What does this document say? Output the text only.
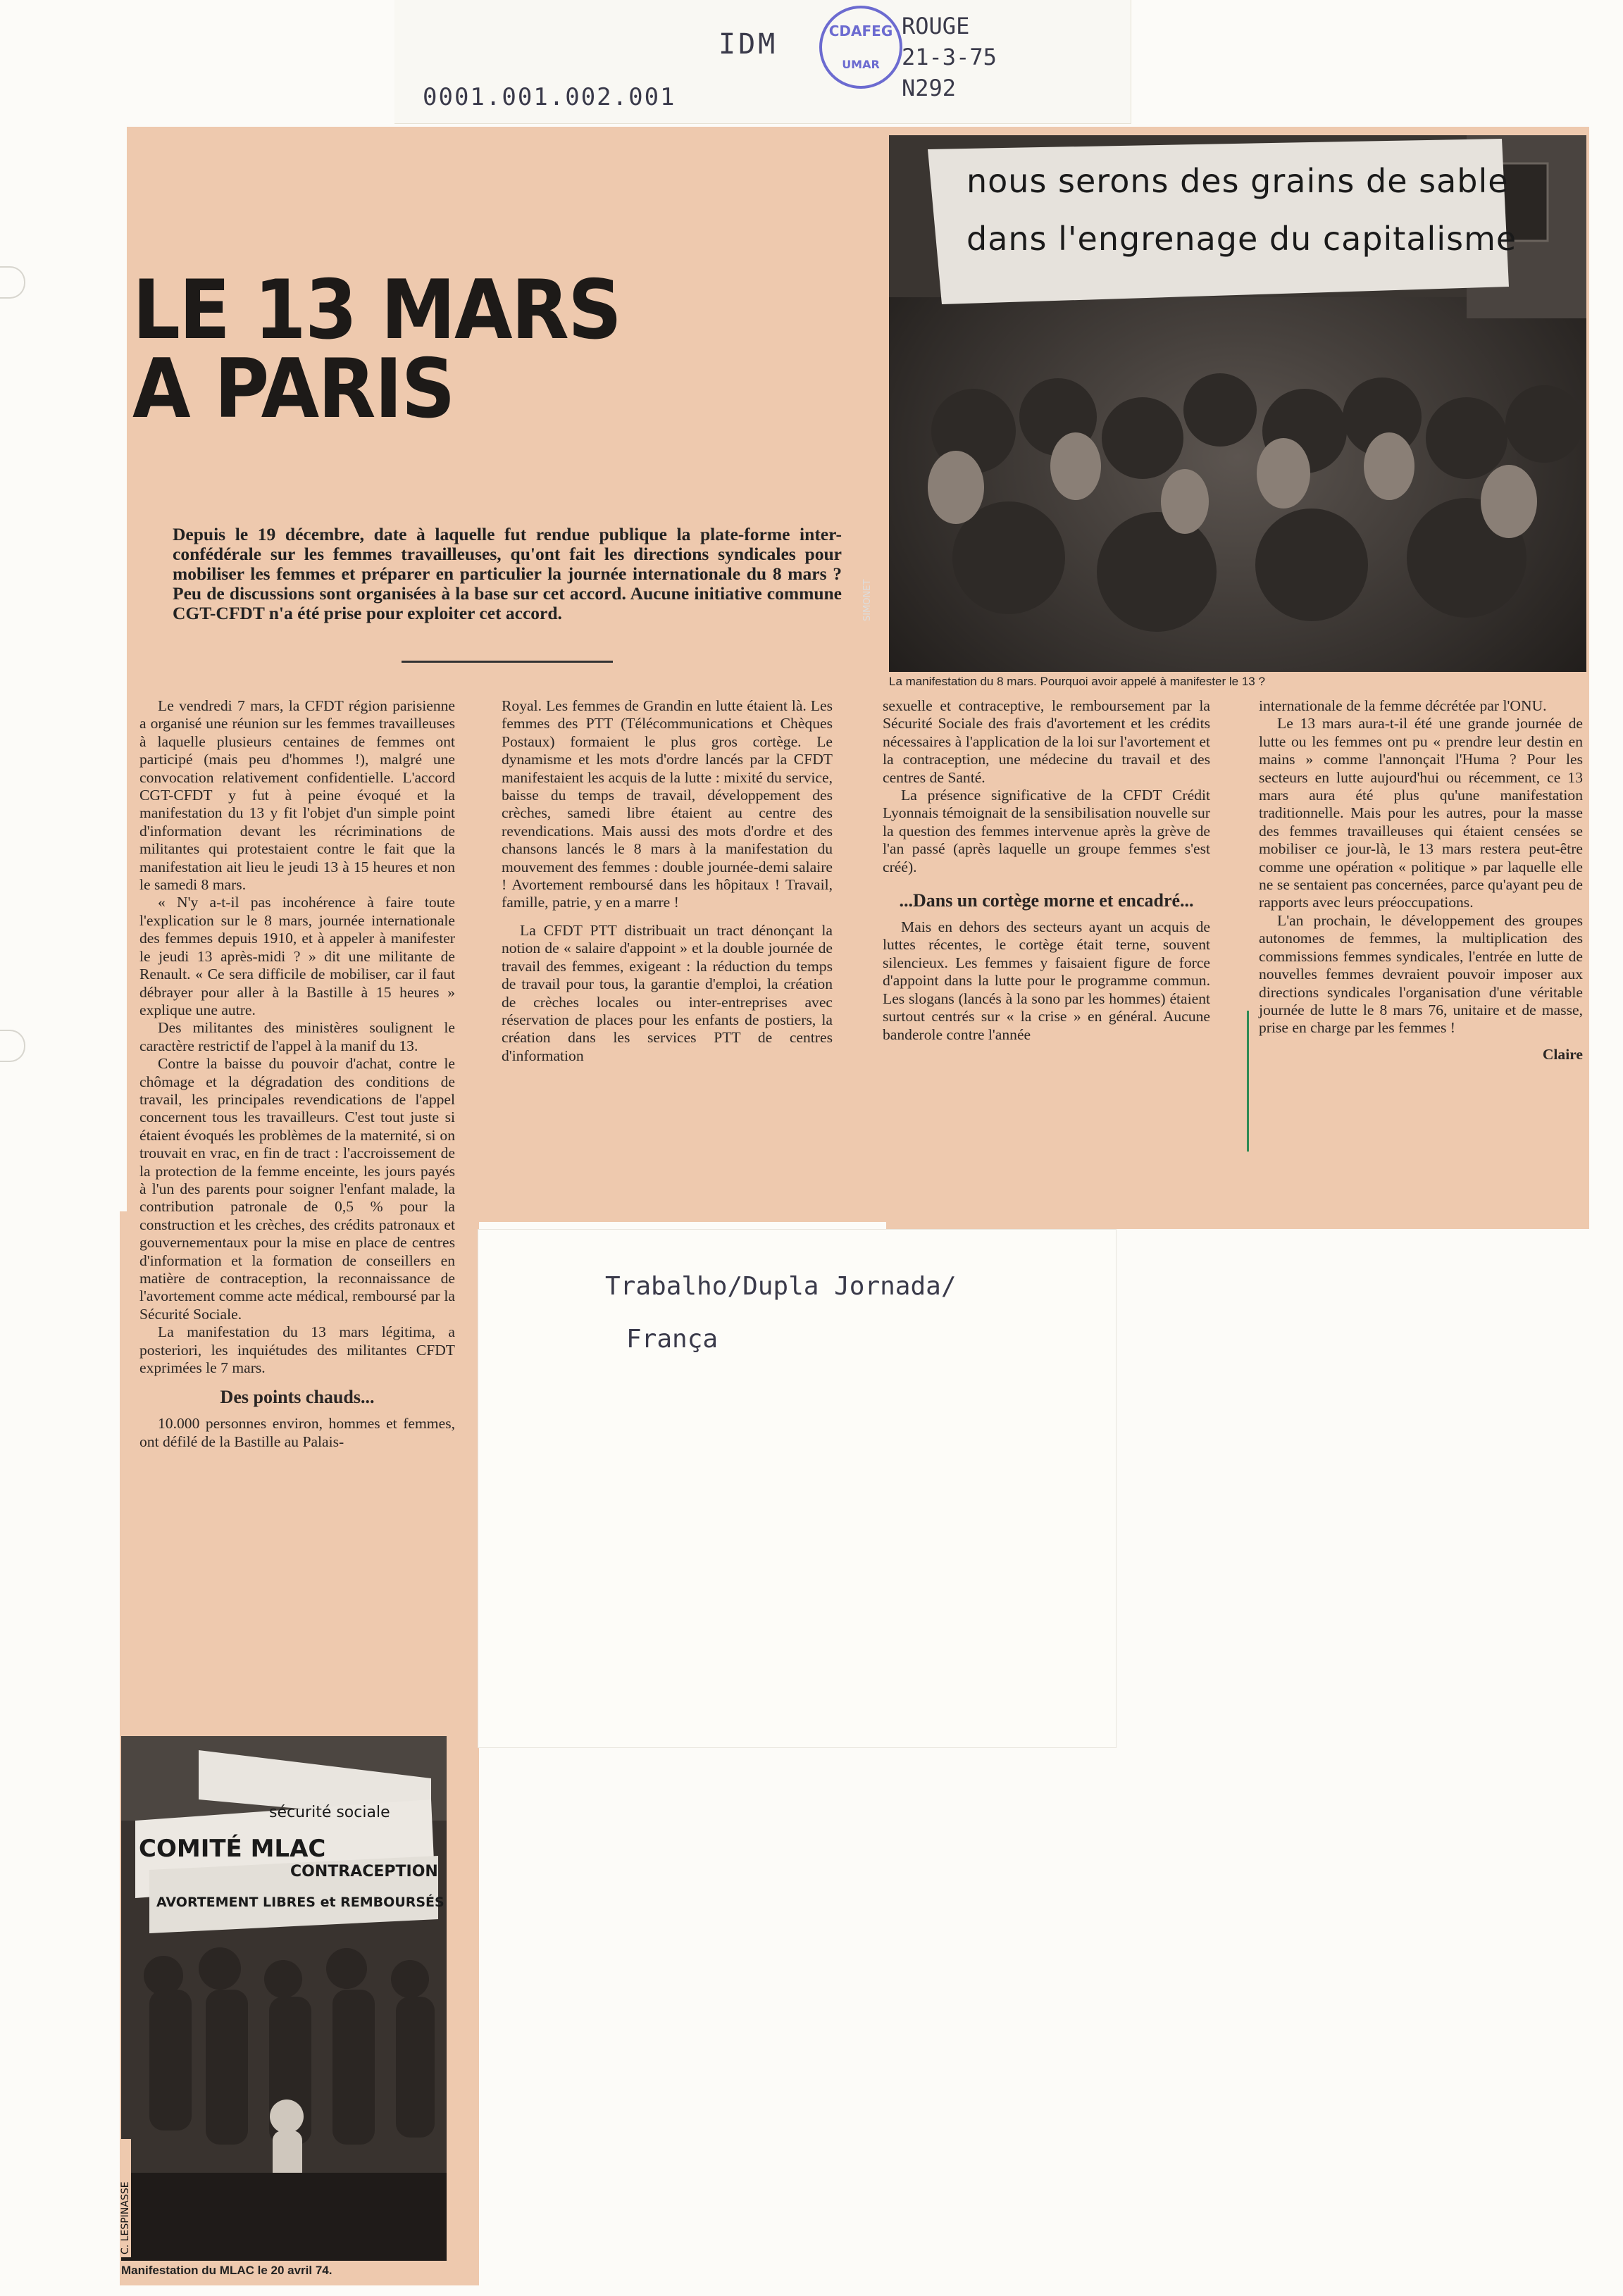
IDM	CDAFEG
UMAR
ROUGE
21-3-75
N292
0001.001.002.001
LE 13 MARS
A PARIS
nous serons des grains de sable
dans l'engrenage du capitalisme
SIMONET
La manifestation du 8 mars. Pourquoi avoir appelé à manifester le 13 ?
Depuis le 19 décembre, date à laquelle fut rendue publique la plate-forme inter-confédérale sur les femmes travailleuses, qu'ont fait les directions syndicales pour mobiliser les femmes et préparer en particulier la journée internationale du 8 mars ? Peu de discussions sont organisées à la base sur cet accord. Aucune initiative commune CGT-CFDT n'a été prise pour exploiter cet accord.

Le vendredi 7 mars, la CFDT région parisienne a organisé une réunion sur les femmes travailleuses à laquelle plusieurs centaines de femmes ont participé (mais peu d'hommes !), malgré une convocation relativement confidentielle. L'accord CGT-CFDT y fut à peine évoqué et la manifestation du 13 y fit l'objet d'un simple point d'information devant les récriminations de militantes qui protestaient contre le fait que la manifestation ait lieu le jeudi 13 à 15 heures et non le samedi 8 mars.

« N'y a-t-il pas incohérence à faire toute l'explication sur le 8 mars, journée internationale des femmes depuis 1910, et à appeler à manifester le jeudi 13 après-midi ? » dit une militante de Renault. « Ce sera difficile de mobiliser, car il faut débrayer pour aller à la Bastille à 15 heures » explique une autre.

Des militantes des ministères soulignent le caractère restrictif de l'appel à la manif du 13.

Contre la baisse du pouvoir d'achat, contre le chômage et la dégradation des conditions de travail, les principales revendications de l'appel concernent tous les travailleurs. C'est tout juste si étaient évoqués les problèmes de la maternité, si on trouvait en vrac, en fin de tract : l'accroissement de la protection de la femme enceinte, les jours payés à l'un des parents pour soigner l'enfant malade, la contribution patronale de 0,5 % pour la construction et les crèches, des crédits patronaux et gouvernementaux pour la mise en place de centres d'information et la formation de conseillers en matière de contraception, la reconnaissance de l'avortement comme acte médical, remboursé par la Sécurité Sociale.

La manifestation du 13 mars légitima, a posteriori, les inquiétudes des militantes CFDT exprimées le 7 mars.

Des points chauds...

10.000 personnes environ, hommes et femmes, ont défilé de la Bastille au Palais-

Royal. Les femmes de Grandin en lutte étaient là. Les femmes des PTT (Télécommunications et Chèques Postaux) formaient le plus gros cortège. Le dynamisme et les mots d'ordre lancés par la CFDT manifestaient les acquis de la lutte : mixité du service, baisse du temps de travail, développement des crèches, samedi libre étaient au centre des revendications. Mais aussi des mots d'ordre et des chansons lancés le 8 mars à la manifestation du mouvement des femmes : double journée-demi salaire ! Avortement remboursé dans les hôpitaux ! Travail, famille, patrie, y en a marre !

La CFDT PTT distribuait un tract dénonçant la notion de « salaire d'appoint » et la double journée de travail des femmes, exigeant : la réduction du temps de travail pour tous, la garantie d'emploi, la création de crèches locales ou inter-entreprises avec réservation de places pour les enfants de postiers, la création dans les services PTT de centres d'information

sexuelle et contraceptive, le remboursement par la Sécurité Sociale des frais d'avortement et les crédits nécessaires à l'application de la loi sur l'avortement et la contraception, une médecine du travail et des centres de Santé.

La présence significative de la CFDT Crédit Lyonnais témoignait de la sensibilisation nouvelle sur la question des femmes intervenue après la grève de l'an passé (après laquelle un groupe femmes s'est créé).

...Dans un cortège morne et encadré...

Mais en dehors des secteurs ayant un acquis de luttes récentes, le cortège était terne, souvent silencieux. Les femmes y faisaient figure de force d'appoint dans la lutte pour le programme commun. Les slogans (lancés à la sono par les hommes) étaient surtout centrés sur « la crise » en général. Aucune banderole contre l'année

internationale de la femme décrétée par l'ONU.

Le 13 mars aura-t-il été une grande journée de lutte ou les femmes ont pu « prendre leur destin en mains » comme l'annonçait l'Huma ? Pour les secteurs en lutte aujourd'hui ou récemment, ce 13 mars aura été plus qu'une manifestation traditionnelle. Mais pour les autres, pour la masse des femmes travailleuses qui étaient censées se mobiliser ce jour-là, le 13 mars restera peut-être comme une opération « politique » par laquelle elle ne se sentaient pas concernées, parce qu'ayant peu de rapports avec leurs préoccupations.

L'an prochain, le développement des groupes autonomes de femmes, la multiplication des commissions femmes syndicales, l'entrée en lutte de nouvelles femmes devraient pouvoir imposer aux directions syndicales l'organisation d'une véritable journée de lutte le 8 mars 76, unitaire et de masse, prise en charge par les femmes !

Claire
Trabalho/Dupla Jornada/
França
COMITÉ MLAC
sécurité sociale
CONTRACEPTION
AVORTEMENT LIBRES et REMBOURSÉS
C. LESPINASSE
Manifestation du MLAC le 20 avril 74.
